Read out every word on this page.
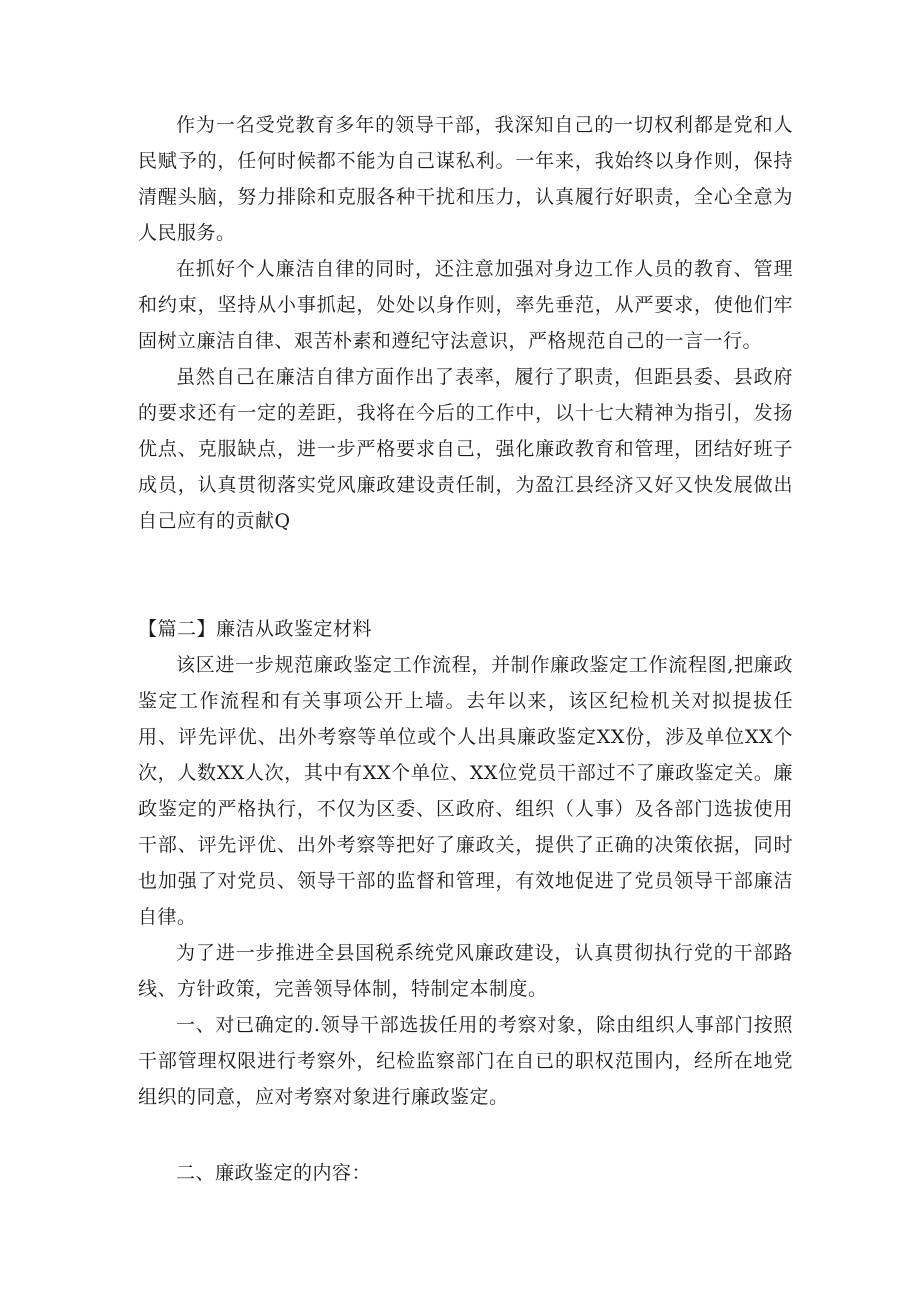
作为一名受党教育多年的领导干部，我深知自己的一切权利都是党和人民赋予的，任何时候都不能为自己谋私利。一年来，我始终以身作则，保持清醒头脑，努力排除和克服各种干扰和压力，认真履行好职责，全心全意为人民服务。

在抓好个人廉洁自律的同时，还注意加强对身边工作人员的教育、管理和约束，坚持从小事抓起，处处以身作则，率先垂范，从严要求，使他们牢固树立廉洁自律、艰苦朴素和遵纪守法意识，严格规范自己的一言一行。

虽然自己在廉洁自律方面作出了表率，履行了职责，但距县委、县政府的要求还有一定的差距，我将在今后的工作中，以十七大精神为指引，发扬优点、克服缺点，进一步严格要求自己，强化廉政教育和管理，团结好班子成员，认真贯彻落实党风廉政建设责任制，为盈江县经济又好又快发展做出自己应有的贡献Q

【篇二】廉洁从政鉴定材料

该区进一步规范廉政鉴定工作流程，并制作廉政鉴定工作流程图,把廉政鉴定工作流程和有关事项公开上墙。去年以来，该区纪检机关对拟提拔任用、评先评优、出外考察等单位或个人出具廉政鉴定XX份，涉及单位XX个次，人数XX人次，其中有XX个单位、XX位党员干部过不了廉政鉴定关。廉政鉴定的严格执行，不仅为区委、区政府、组织（人事）及各部门选拔使用干部、评先评优、出外考察等把好了廉政关，提供了正确的决策依据，同时也加强了对党员、领导干部的监督和管理，有效地促进了党员领导干部廉洁自律。

为了进一步推进全县国税系统党风廉政建设，认真贯彻执行党的干部路线、方针政策，完善领导体制，特制定本制度。

一、对已确定的.领导干部选拔任用的考察对象，除由组织人事部门按照干部管理权限进行考察外，纪检监察部门在自已的职权范围内，经所在地党组织的同意，应对考察对象进行廉政鉴定。

二、廉政鉴定的内容：
